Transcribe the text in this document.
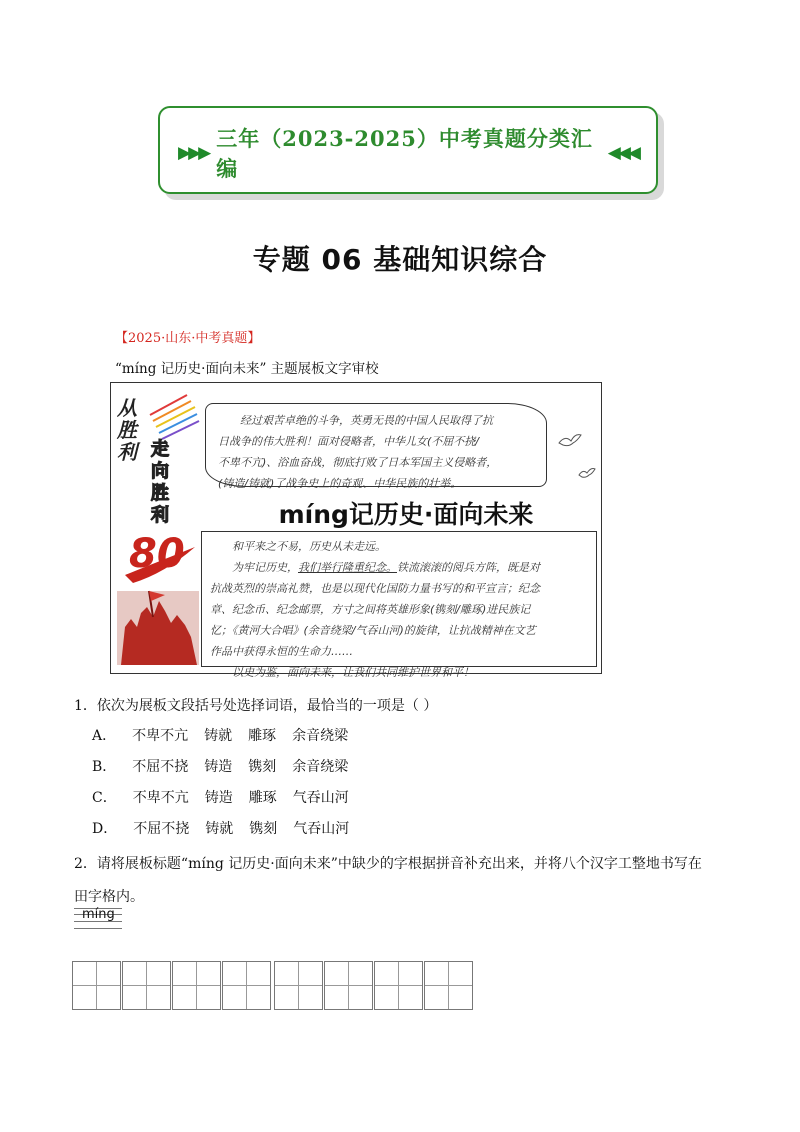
▶▶▶
三年（2023-2025）中考真题分类汇编
◀◀◀
专题 06 基础知识综合
【2025·山东·中考真题】
“míng 记历史·面向未来” 主题展板文字审校
从
胜
利 走
向
胜
利
80

经过艰苦卓绝的斗争，英勇无畏的中国人民取得了抗

日战争的伟大胜利！面对侵略者，中华儿女(不屈不挠/

不卑不亢)、浴血奋战，彻底打败了日本军国主义侵略者，

(铸造/铸就)了战争史上的奇观、中华民族的壮举。

míng记历史·面向未来

和平来之不易，历史从未走远。

为牢记历史，我们举行隆重纪念。铁流滚滚的阅兵方阵，既是对

抗战英烈的崇高礼赞，也是以现代化国防力量书写的和平宣言；纪念

章、纪念币、纪念邮票，方寸之间将英雄形象(镌刻/雕琢)进民族记

忆；《黄河大合唱》(余音绕梁/气吞山河)的旋律，让抗战精神在文艺

作品中获得永恒的生命力……

以史为鉴，面向未来，让我们共同维护世界和平！

1．依次为展板文段括号处选择词语，最恰当的一项是（ ）
A． 不卑不亢 铸就 雕琢 余音绕梁
B． 不屈不挠 铸造 镌刻 余音绕梁
C． 不卑不亢 铸造 雕琢 气吞山河
D． 不屈不挠 铸就 镌刻 气吞山河
2．请将展板标题“míng 记历史·面向未来”中缺少的字根据拼音补充出来，并将八个汉字工整地书写在田字格内。
míng
